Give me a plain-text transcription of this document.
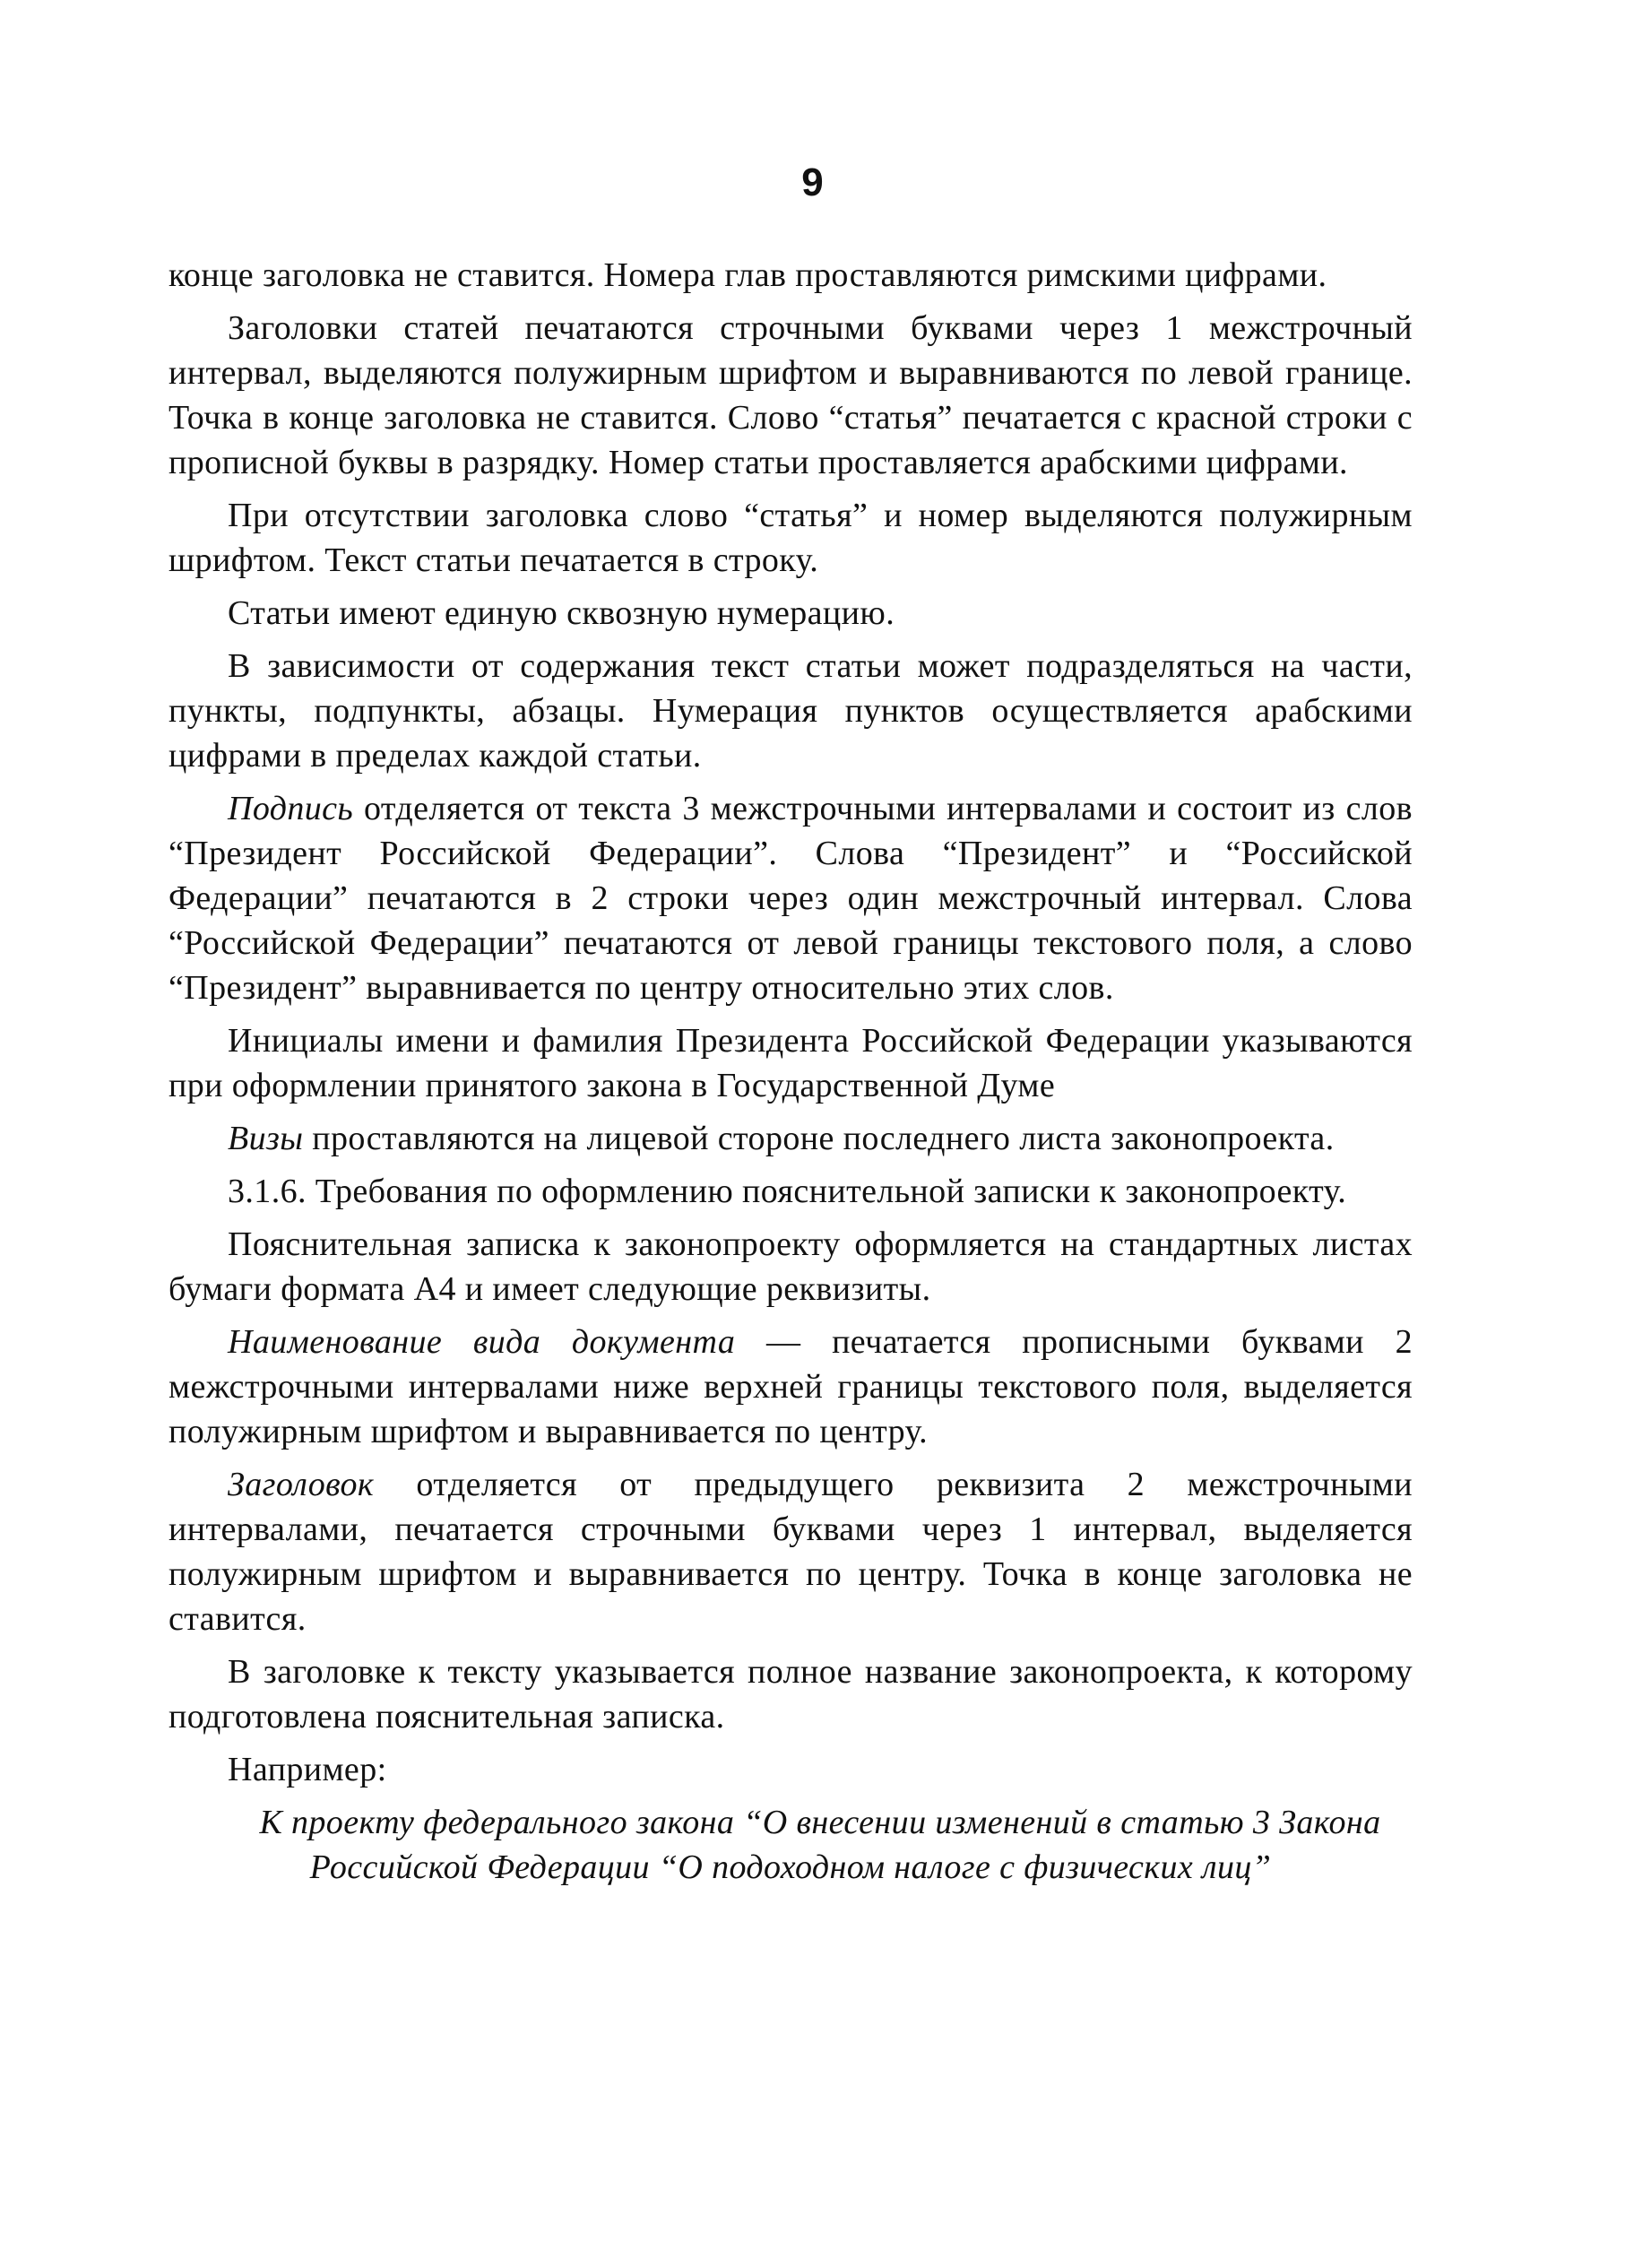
9

конце заголовка не ставится. Номера глав проставляются римскими цифрами.

Заголовки статей печатаются строчными буквами через 1 межстрочный интервал, выделяются полужирным шрифтом и выравниваются по левой границе. Точка в конце заголовка не ставится. Слово “статья” печатается с красной строки с прописной буквы в разрядку. Номер статьи проставляется арабскими цифрами.

При отсутствии заголовка слово “статья” и номер выделяются полужирным шрифтом. Текст статьи печатается в строку.

Статьи имеют единую сквозную нумерацию.

В зависимости от содержания текст статьи может подразделяться на части, пункты, подпункты, абзацы. Нумерация пунктов осуществляется арабскими цифрами в пределах каждой статьи.

Подпись отделяется от текста 3 межстрочными интервалами и состоит из слов “Президент Российской Федерации”. Слова “Президент” и “Российской Федерации” печатаются в 2 строки через один межстрочный интервал. Слова “Российской Федерации” печатаются от левой границы текстового поля, а слово “Президент” выравнивается по центру относительно этих слов.

Инициалы имени и фамилия Президента Российской Федерации указываются при оформлении принятого закона в Государственной Думе

Визы проставляются на лицевой стороне последнего листа законопроекта.

3.1.6. Требования по оформлению пояснительной записки к законопроекту.

Пояснительная записка к законопроекту оформляется на стандартных листах бумаги формата А4 и имеет следующие реквизиты.

Наименование вида документа — печатается прописными буквами 2 межстрочными интервалами ниже верхней границы текстового поля, выделяется полужирным шрифтом и выравнивается по центру.

Заголовок отделяется от предыдущего реквизита 2 межстрочными интервалами, печатается строчными буквами через 1 интервал, выделяется полужирным шрифтом и выравнивается по центру. Точка в конце заголовка не ставится.

В заголовке к тексту указывается полное название законопроекта, к которому подготовлена пояснительная записка.

Например:

К проекту федерального закона “О внесении изменений в статью 3 Закона Российской Федерации “О подоходном налоге с физических лиц”
